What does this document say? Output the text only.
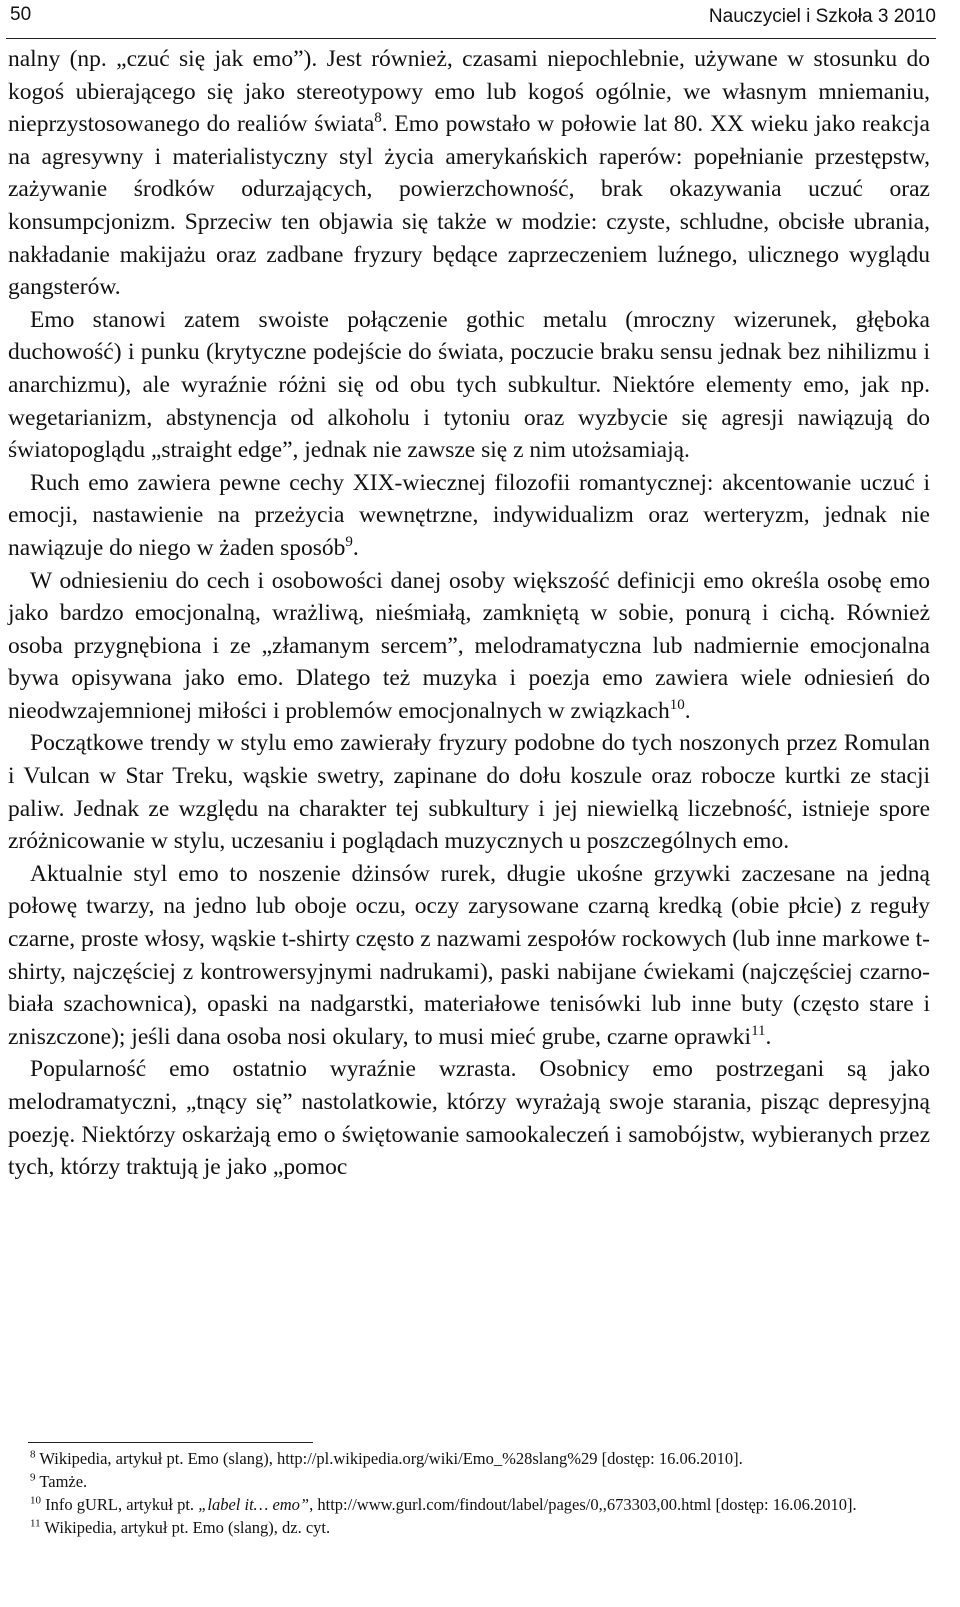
50	Nauczyciel i Szkoła 3 2010

nalny (np. „czuć się jak emo”). Jest również, czasami niepochlebnie, używane w stosunku do kogoś ubierającego się jako stereotypowy emo lub kogoś ogólnie, we własnym mniemaniu, nieprzystosowanego do realiów świata$^8$. Emo powstało w połowie lat 80. XX wieku jako reakcja na agresywny i materialistyczny styl życia amerykańskich raperów: popełnianie przestępstw, zażywanie środków odurzających, powierzchowność, brak okazywania uczuć oraz konsumpcjonizm. Sprzeciw ten objawia się także w modzie: czyste, schludne, obcisłe ubrania, nakładanie makijażu oraz zadbane fryzury będące zaprzeczeniem luźnego, ulicznego wyglądu gangsterów.

Emo stanowi zatem swoiste połączenie gothic metalu (mroczny wizerunek, głęboka duchowość) i punku (krytyczne podejście do świata, poczucie braku sensu jednak bez nihilizmu i anarchizmu), ale wyraźnie różni się od obu tych subkultur. Niektóre elementy emo, jak np. wegetarianizm, abstynencja od alkoholu i tytoniu oraz wyzbycie się agresji nawiązują do światopoglądu „straight edge”, jednak nie zawsze się z nim utożsamiają.

Ruch emo zawiera pewne cechy XIX-wiecznej filozofii romantycznej: akcentowanie uczuć i emocji, nastawienie na przeżycia wewnętrzne, indywidualizm oraz werteryzm, jednak nie nawiązuje do niego w żaden sposób$^9$.

W odniesieniu do cech i osobowości danej osoby większość definicji emo określa osobę emo jako bardzo emocjonalną, wrażliwą, nieśmiałą, zamkniętą w sobie, ponurą i cichą. Również osoba przygnębiona i ze „złamanym sercem”, melodramatyczna lub nadmiernie emocjonalna bywa opisywana jako emo. Dlatego też muzyka i poezja emo zawiera wiele odniesień do nieodwzajemnionej miłości i problemów emocjonalnych w związkach$^{10}$.

Początkowe trendy w stylu emo zawierały fryzury podobne do tych noszonych przez Romulan i Vulcan w Star Treku, wąskie swetry, zapinane do dołu koszule oraz robocze kurtki ze stacji paliw. Jednak ze względu na charakter tej subkultury i jej niewielką liczebność, istnieje spore zróżnicowanie w stylu, uczesaniu i poglądach muzycznych u poszczególnych emo.

Aktualnie styl emo to noszenie dżinsów rurek, długie ukośne grzywki zaczesane na jedną połowę twarzy, na jedno lub oboje oczu, oczy zarysowane czarną kredką (obie płcie) z reguły czarne, proste włosy, wąskie t-shirty często z nazwami zespołów rockowych (lub inne markowe t-shirty, najczęściej z kontrowersyjnymi nadrukami), paski nabijane ćwiekami (najczęściej czarno-biała szachownica), opaski na nadgarstki, materiałowe tenisówki lub inne buty (często stare i zniszczone); jeśli dana osoba nosi okulary, to musi mieć grube, czarne oprawki$^{11}$.

Popularność emo ostatnio wyraźnie wzrasta. Osobnicy emo postrzegani są jako melodramatyczni, „tnący się” nastolatkowie, którzy wyrażają swoje starania, pisząc depresyjną poezję. Niektórzy oskarżają emo o świętowanie samookaleczeń i samobójstw, wybieranych przez tych, którzy traktują je jako „pomoc

$^8$ Wikipedia, artykuł pt. Emo (slang), http://pl.wikipedia.org/wiki/Emo_%28slang%29 [dostęp: 16.06.2010].

$^9$ Tamże.

$^{10}$ Info gURL, artykuł pt. „label it… emo”, http://www.gurl.com/findout/label/pages/0,,673303,00.html [dostęp: 16.06.2010].

$^{11}$ Wikipedia, artykuł pt. Emo (slang), dz. cyt.
